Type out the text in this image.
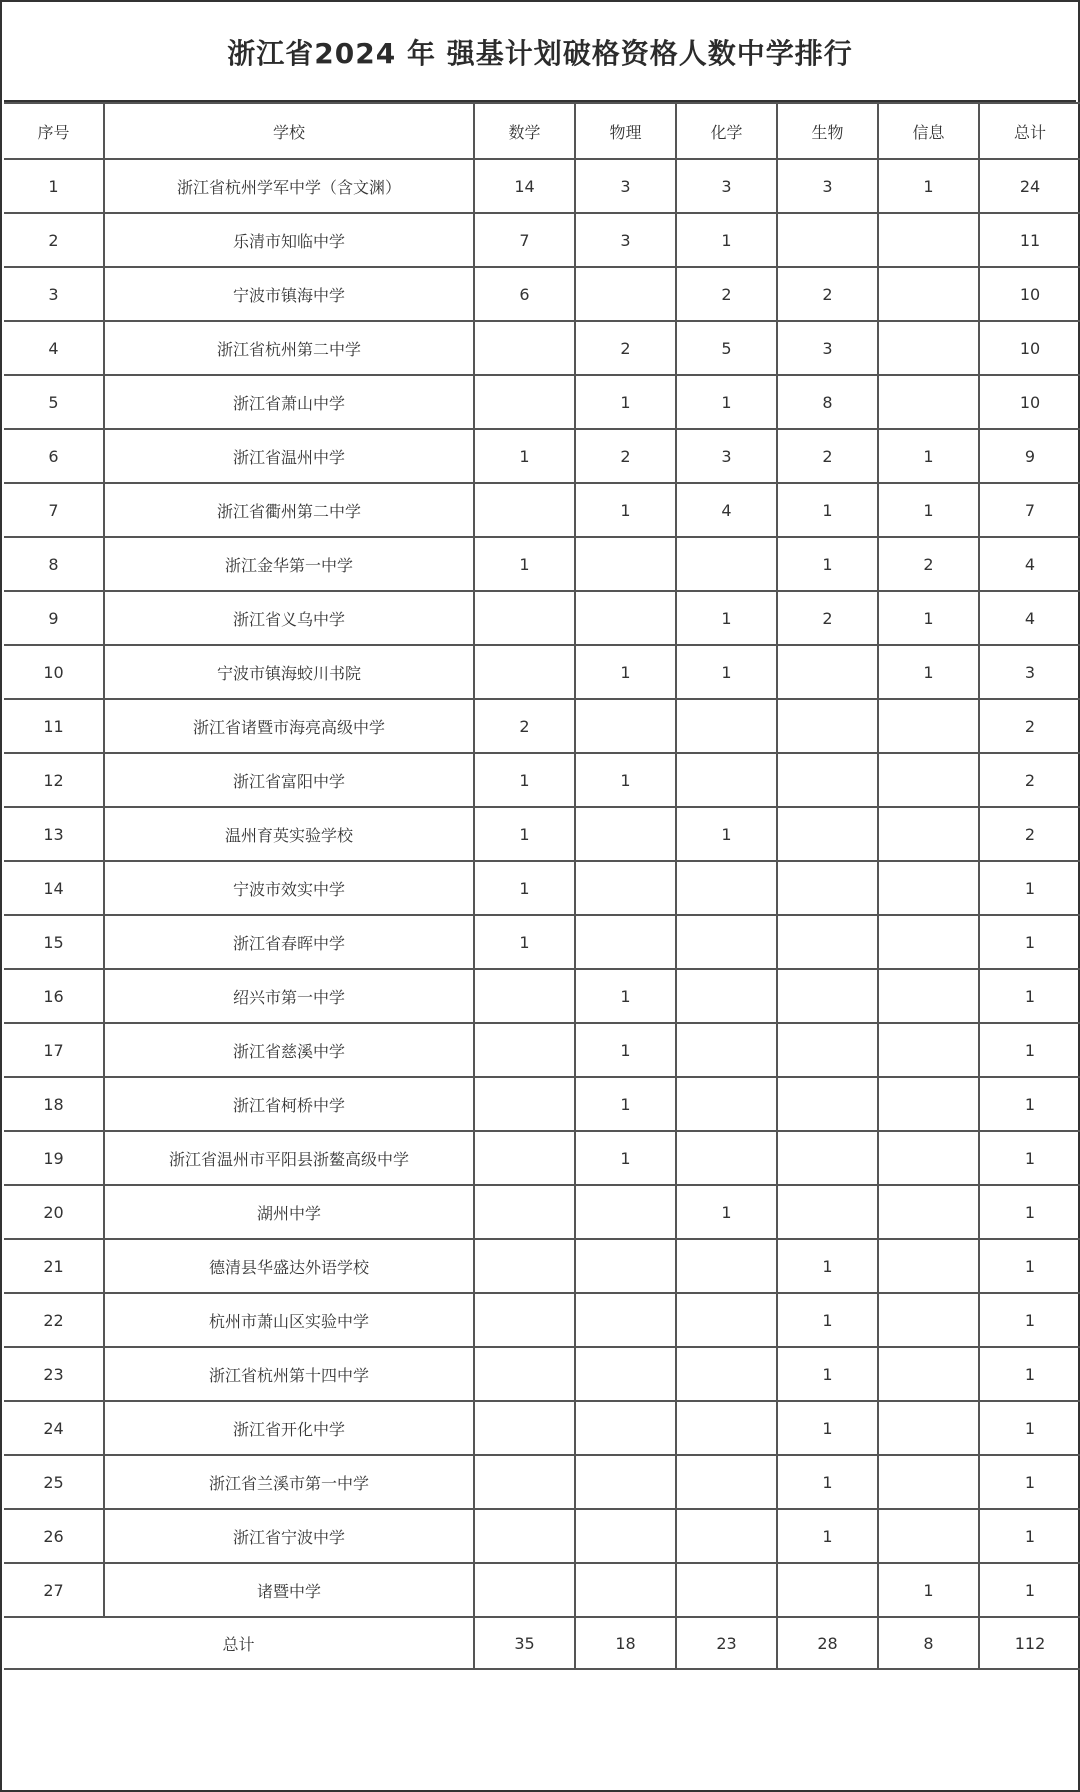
浙江省2024 年 强基计划破格资格人数中学排行
序号	学校	数学	物理	化学	生物	信息	总计
1	浙江省杭州学军中学（含文渊）	14	3	3	3	1	24
2	乐清市知临中学	7	3	1			11
3	宁波市镇海中学	6		2	2		10
4	浙江省杭州第二中学		2	5	3		10
5	浙江省萧山中学		1	1	8		10
6	浙江省温州中学	1	2	3	2	1	9
7	浙江省衢州第二中学		1	4	1	1	7
8	浙江金华第一中学	1			1	2	4
9	浙江省义乌中学			1	2	1	4
10	宁波市镇海蛟川书院		1	1		1	3
11	浙江省诸暨市海亮高级中学	2					2
12	浙江省富阳中学	1	1				2
13	温州育英实验学校	1		1			2
14	宁波市效实中学	1					1
15	浙江省春晖中学	1					1
16	绍兴市第一中学		1				1
17	浙江省慈溪中学		1				1
18	浙江省柯桥中学		1				1
19	浙江省温州市平阳县浙鳌高级中学		1				1
20	湖州中学			1			1
21	德清县华盛达外语学校				1		1
22	杭州市萧山区实验中学				1		1
23	浙江省杭州第十四中学				1		1
24	浙江省开化中学				1		1
25	浙江省兰溪市第一中学				1		1
26	浙江省宁波中学				1		1
27	诸暨中学					1	1
总计		35	18	23	28	8	112
